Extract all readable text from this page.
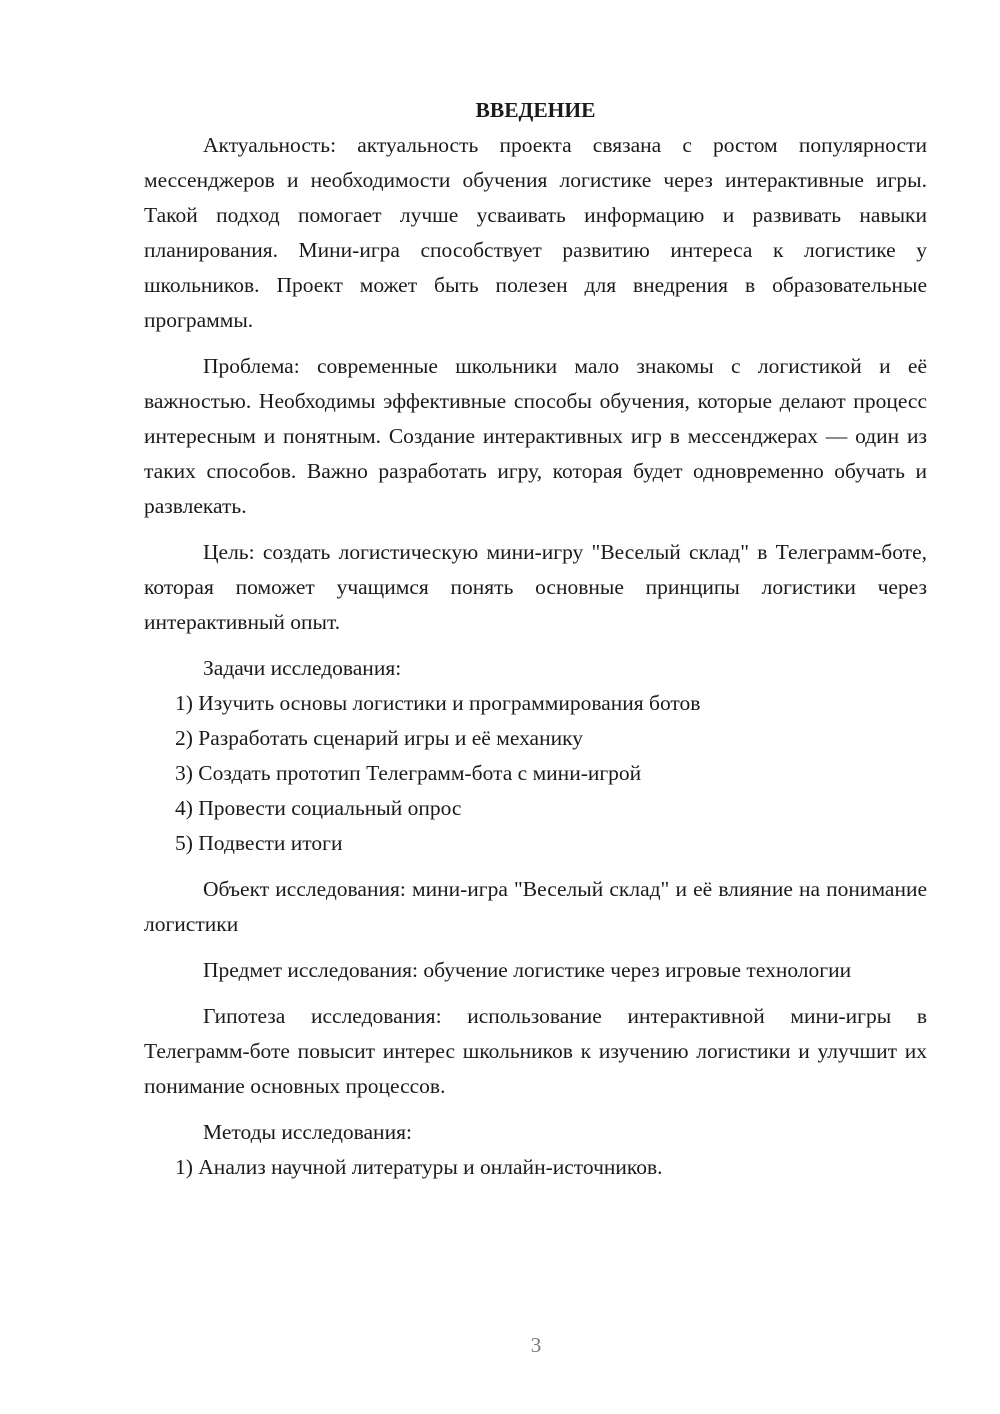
ВВЕДЕНИЕ

Актуальность: актуальность проекта связана с ростом популярности мессенджеров и необходимости обучения логистике через интерактивные игры. Такой подход помогает лучше усваивать информацию и развивать навыки планирования. Мини-игра способствует развитию интереса к логистике у школьников. Проект может быть полезен для внедрения в образовательные программы.

Проблема: современные школьники мало знакомы с логистикой и её важностью. Необходимы эффективные способы обучения, которые делают процесс интересным и понятным. Создание интерактивных игр в мессенджерах — один из таких способов. Важно разработать игру, которая будет одновременно обучать и развлекать.

Цель: создать логистическую мини-игру "Веселый склад" в Телеграмм-боте, которая поможет учащимся понять основные принципы логистики через интерактивный опыт.

Задачи исследования:

1) Изучить основы логистики и программирования ботов

2) Разработать сценарий игры и её механику

3) Создать прототип Телеграмм-бота с мини-игрой

4) Провести социальный опрос

5) Подвести итоги

Объект исследования: мини-игра "Веселый склад" и её влияние на понимание логистики

Предмет исследования: обучение логистике через игровые технологии

Гипотеза исследования: использование интерактивной мини-игры в Телеграмм-боте повысит интерес школьников к изучению логистики и улучшит их понимание основных процессов.

Методы исследования:

1) Анализ научной литературы и онлайн-источников.

3
